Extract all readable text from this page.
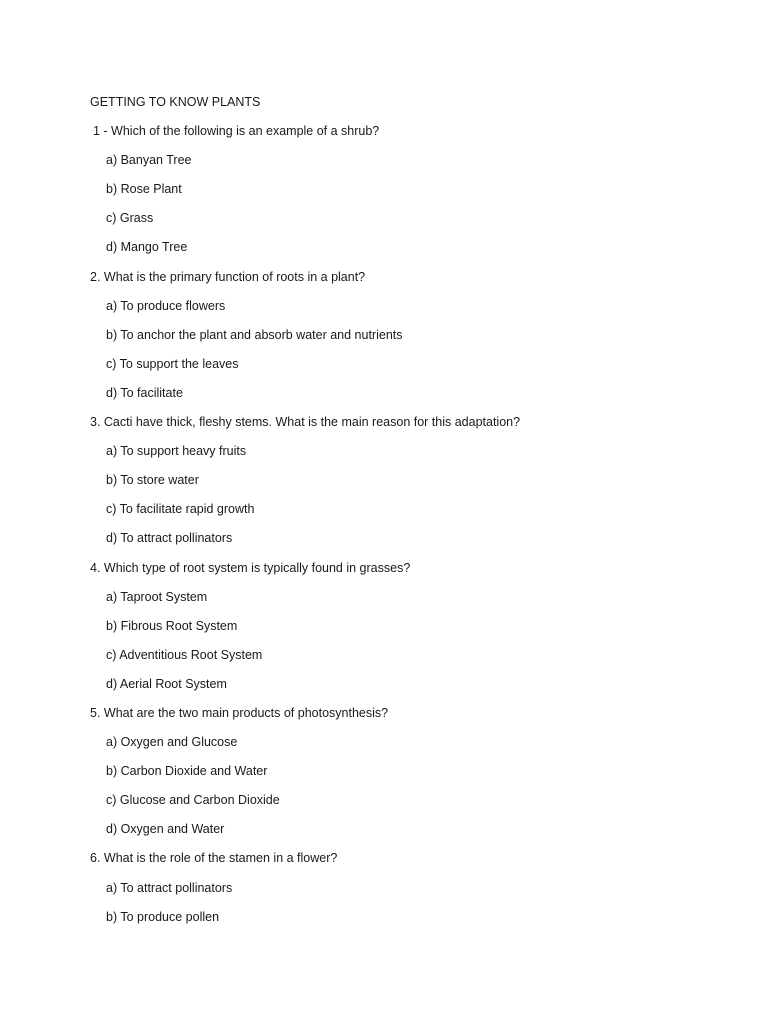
GETTING TO KNOW PLANTS
1 - Which of the following is an example of a shrub?
a) Banyan Tree
b) Rose Plant
c) Grass
d) Mango Tree
2. What is the primary function of roots in a plant?
a) To produce flowers
b) To anchor the plant and absorb water and nutrients
c) To support the leaves
d) To facilitate
3. Cacti have thick, fleshy stems. What is the main reason for this adaptation?
a) To support heavy fruits
b) To store water
c) To facilitate rapid growth
d) To attract pollinators
4. Which type of root system is typically found in grasses?
a) Taproot System
b) Fibrous Root System
c) Adventitious Root System
d) Aerial Root System
5. What are the two main products of photosynthesis?
a) Oxygen and Glucose
b) Carbon Dioxide and Water
c) Glucose and Carbon Dioxide
d) Oxygen and Water
6. What is the role of the stamen in a flower?
a) To attract pollinators
b) To produce pollen
